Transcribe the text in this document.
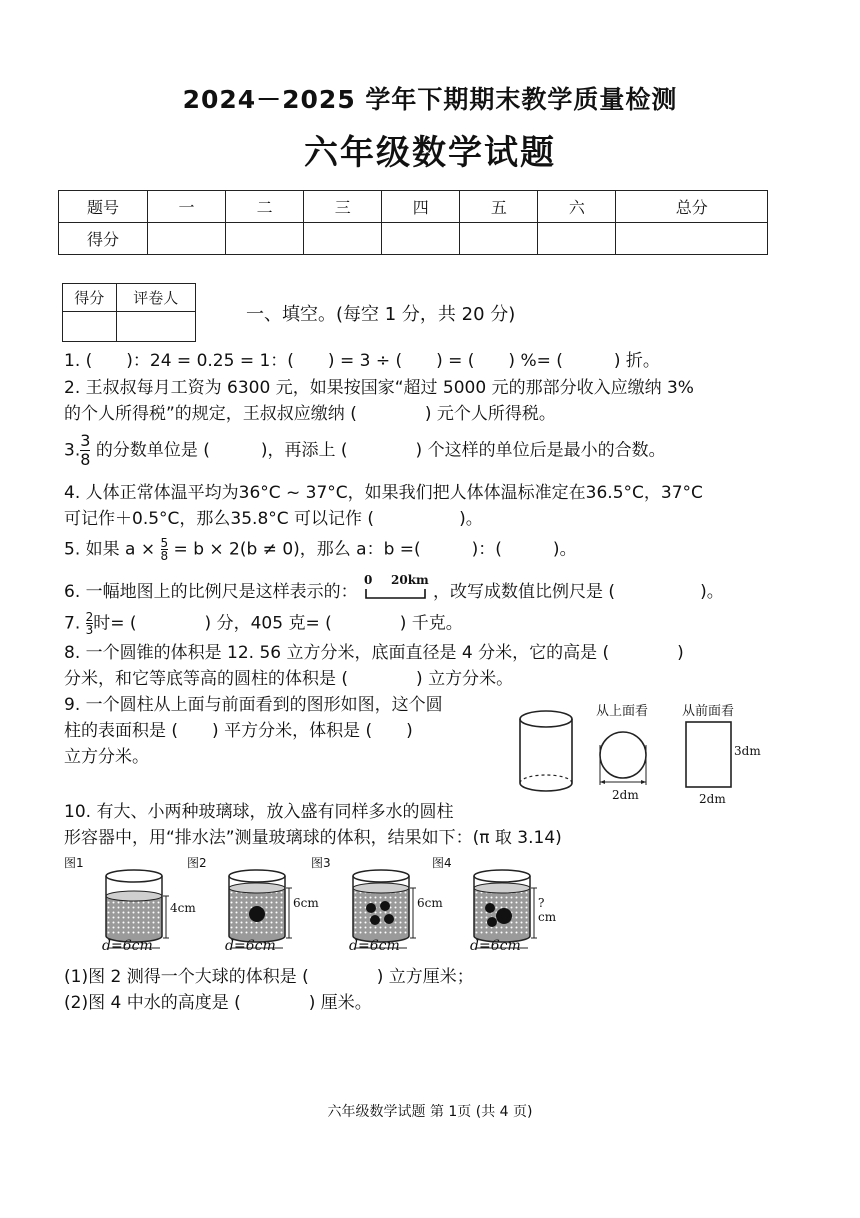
2024－2025 学年下期期末教学质量检测
六年级数学试题
题号	一	二	三	四	五	六	总分
得分							
得分	评卷人

一、填空。(每空 1 分，共 20 分)
1. (　　)：24 = 0.25 = 1：(　　) = 3 ÷ (　　) = (　　) %= (　　　) 折。
2. 王叔叔每月工资为 6300 元，如果按国家“超过 5000 元的那部分收入应缴纳 3%
的个人所得税”的规定，王叔叔应缴纳 (　　　　) 元个人所得税。
$3.\frac{3}{8}$ 的分数单位是 (　　　)，再添上 (　　　　) 个这样的单位后是最小的合数。
4. 人体正常体温平均为36°C ~ 37°C，如果我们把人体体温标准定在36.5°C，37°C
可记作＋0.5°C，那么35.8°C 可以记作 (　　　　　)。
5. 如果 $a \times \frac{5}{8} = b \times 2(b \ne 0)$，那么 a：b =(　　　)：(　　　)。
6. 一幅地图上的比例尺是这样表示的：
0 20km
，改写成数值比例尺是 (　　　　　)。
7. $\frac{2}{3}$ 时= (　　　　) 分，405 克= (　　　　) 千克。
8. 一个圆锥的体积是 12. 56 立方分米，底面直径是 4 分米，它的高是 (　　　　)
分米，和它等底等高的圆柱的体积是 (　　　　) 立方分米。
9. 一个圆柱从上面与前面看到的图形如图，这个圆
柱的表面积是 (　　) 平方分米，体积是 (　　)
立方分米。
从上面看	从前面看
2dm	2dm
3dm
10. 有大、小两种玻璃球，放入盛有同样多水的圆柱
形容器中，用“排水法”测量玻璃球的体积，结果如下：(π 取 3.14)
图1
4cm
d=6cm
图2
6cm
d=6cm
图3
6cm
d=6cm
图4
?cm
d=6cm
(1)图 2 测得一个大球的体积是 (　　　　) 立方厘米；
(2)图 4 中水的高度是 (　　　　) 厘米。
六年级数学试题 第 1页 (共 4 页)
